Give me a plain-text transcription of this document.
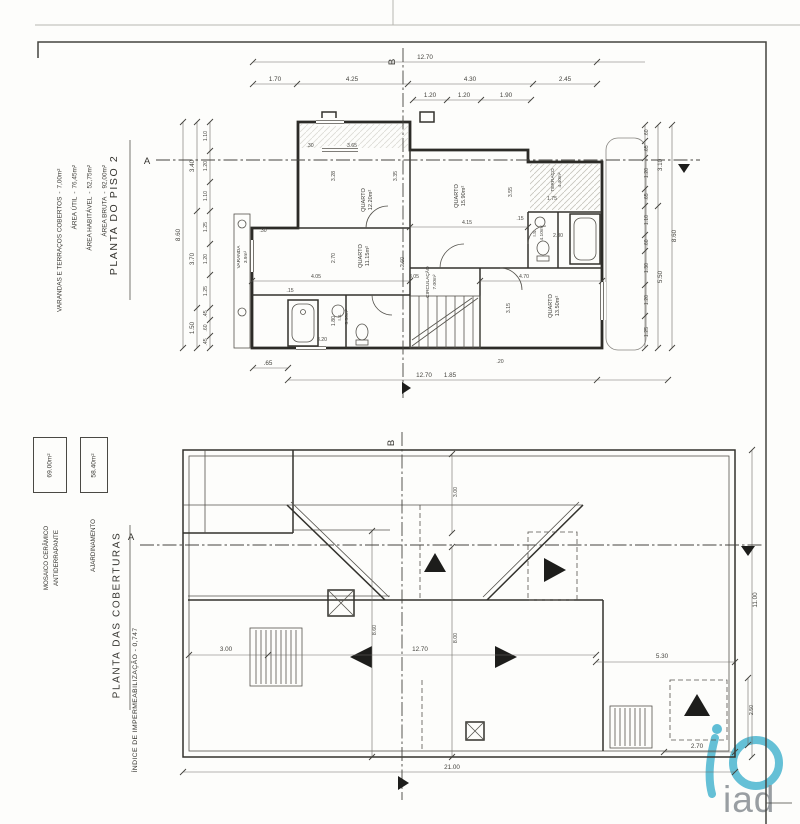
iad
12.70
1.70	4.25	4.30	2.45
1.20	1.20	1.90
.65
12.70 1.85
.20
8.60
3.40
3.70
1.50
1.10
1.20
1.10
1.25
1.20
1.25
.45
.60
.45
8.60
3.10
5.50
.60
.65
1.20
.65
1.10
.60
1.30
1.20
1.25
.30	3.65
3.28	3.35
3.55
4.15
1.75
2.30
.15
4.05
2.70
3.20
1.80
3.05	4.70
3.15
2.60
.15
.30
QUARTO 12.20m²	QUARTO 15.90m²
QUARTO 11.15m²
QUARTO 13.50m²
CIRCULAÇÃO 7.00m²
TERRAÇO 4.40m²
I.S. 5.50m²
I.S. 4.10m²
VARANDA 3.9m²
A
B
21.00
3.00	12.70
5.30
2.70
11.00
2.50
3.00
8.60
8.00
A
B
PLANTA DO PISO 2
VARANDAS E TERRAÇOS COBERTOS
-
7,00m²
ÁREA ÚTIL
-
76,45m²
ÁREA HABITÁVEL
-
52,75m²
ÁREA BRUTA
-
92,00m²
58.40m²
69.00m²
AJARDINAMENTO
MOSAICO CERÂMICO ANTIDERRAPANTE	PLANTA DAS COBERTURAS
ÍNDICE DE IMPERMEABILIZAÇÃO - 0,747
